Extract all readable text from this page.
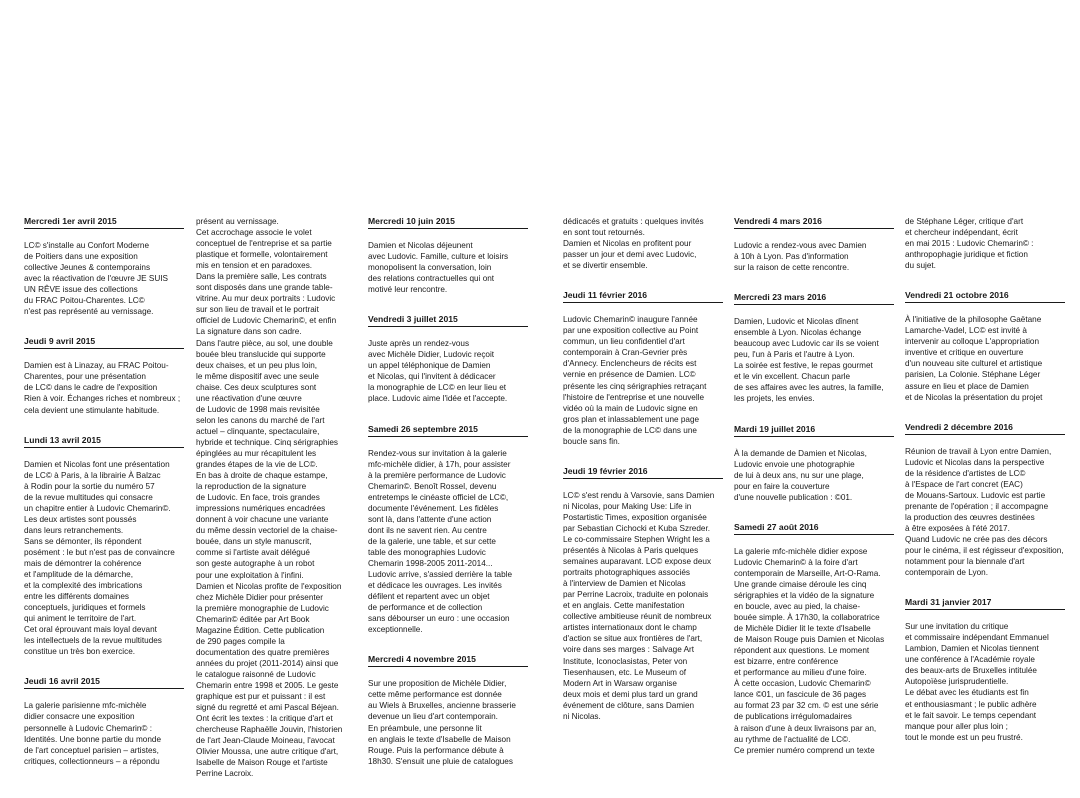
Mercredi 1er avril 2015

LC© s'installe au Confort Moderne

de Poitiers dans une exposition

collective Jeunes & contemporains

avec la réactivation de l'œuvre JE SUIS

UN RÊVE issue des collections

du FRAC Poitou-Charentes. LC©

n'est pas représenté au vernissage.

Jeudi 9 avril 2015

Damien est à Linazay, au FRAC Poitou-

Charentes, pour une présentation

de LC© dans le cadre de l'exposition

Rien à voir. Échanges riches et nombreux ;

cela devient une stimulante habitude.

Lundi 13 avril 2015

Damien et Nicolas font une présentation

de LC© à Paris, à la librairie À Balzac

à Rodin pour la sortie du numéro 57

de la revue multitudes qui consacre

un chapitre entier à Ludovic Chemarin©.

Les deux artistes sont poussés

dans leurs retranchements.

Sans se démonter, ils répondent

posément : le but n'est pas de convaincre

mais de démontrer la cohérence

et l'amplitude de la démarche,

et la complexité des imbrications

entre les différents domaines

conceptuels, juridiques et formels

qui animent le territoire de l'art.

Cet oral éprouvant mais loyal devant

les intellectuels de la revue multitudes

constitue un très bon exercice.

Jeudi 16 avril 2015

La galerie parisienne mfc-michèle

didier consacre une exposition

personnelle à Ludovic Chemarin© :

Identités. Une bonne partie du monde

de l'art conceptuel parisien – artistes,

critiques, collectionneurs – a répondu

présent au vernissage.

Cet accrochage associe le volet

conceptuel de l'entreprise et sa partie

plastique et formelle, volontairement

mis en tension et en paradoxes.

Dans la première salle, Les contrats

sont disposés dans une grande table-

vitrine. Au mur deux portraits : Ludovic

sur son lieu de travail et le portrait

officiel de Ludovic Chemarin©, et enfin

La signature dans son cadre.

Dans l'autre pièce, au sol, une double

bouée bleu translucide qui supporte

deux chaises, et un peu plus loin,

le même dispositif avec une seule

chaise. Ces deux sculptures sont

une réactivation d'une œuvre

de Ludovic de 1998 mais revisitée

selon les canons du marché de l'art

actuel – clinquante, spectaculaire,

hybride et technique. Cinq sérigraphies

épinglées au mur récapitulent les

grandes étapes de la vie de LC©.

En bas à droite de chaque estampe,

la reproduction de la signature

de Ludovic. En face, trois grandes

impressions numériques encadrées

donnent à voir chacune une variante

du même dessin vectoriel de la chaise-

bouée, dans un style manuscrit,

comme si l'artiste avait délégué

son geste autographe à un robot

pour une exploitation à l'infini.

Damien et Nicolas profite de l'exposition

chez Michèle Didier pour présenter

la première monographie de Ludovic

Chemarin© éditée par Art Book

Magazine Édition. Cette publication

de 290 pages compile la

documentation des quatre premières

années du projet (2011-2014) ainsi que

le catalogue raisonné de Ludovic

Chemarin entre 1998 et 2005. Le geste

graphique est pur et puissant : il est

signé du regretté et ami Pascal Béjean.

Ont écrit les textes : la critique d'art et

chercheuse Raphaëlle Jouvin, l'historien

de l'art Jean-Claude Moineau, l'avocat

Olivier Moussa, une autre critique d'art,

Isabelle de Maison Rouge et l'artiste

Perrine Lacroix.

Mercredi 10 juin 2015

Damien et Nicolas déjeunent

avec Ludovic. Famille, culture et loisirs

monopolisent la conversation, loin

des relations contractuelles qui ont

motivé leur rencontre.

Vendredi 3 juillet 2015

Juste après un rendez-vous

avec Michèle Didier, Ludovic reçoit

un appel téléphonique de Damien

et Nicolas, qui l'invitent à dédicacer

la monographie de LC© en leur lieu et

place. Ludovic aime l'idée et l'accepte.

Samedi 26 septembre 2015

Rendez-vous sur invitation à la galerie

mfc-michèle didier, à 17h, pour assister

à la première performance de Ludovic

Chemarin©. Benoît Rossel, devenu

entretemps le cinéaste officiel de LC©,

documente l'événement. Les fidèles

sont là, dans l'attente d'une action

dont ils ne savent rien. Au centre

de la galerie, une table, et sur cette

table des monographies Ludovic

Chemarin 1998-2005 2011-2014...

Ludovic arrive, s'assied derrière la table

et dédicace les ouvrages. Les invités

défilent et repartent avec un objet

de performance et de collection

sans débourser un euro : une occasion

exceptionnelle.

Mercredi 4 novembre 2015

Sur une proposition de Michèle Didier,

cette même performance est donnée

au Wiels à Bruxelles, ancienne brasserie

devenue un lieu d'art contemporain.

En préambule, une personne lit

en anglais le texte d'Isabelle de Maison

Rouge. Puis la performance débute à

18h30. S'ensuit une pluie de catalogues

dédicacés et gratuits : quelques invités

en sont tout retournés.

Damien et Nicolas en profitent pour

passer un jour et demi avec Ludovic,

et se divertir ensemble.

Jeudi 11 février 2016

Ludovic Chemarin© inaugure l'année

par une exposition collective au Point

commun, un lieu confidentiel d'art

contemporain à Cran-Gevrier près

d'Annecy. Enclencheurs de récits est

vernie en présence de Damien. LC©

présente les cinq sérigraphies retraçant

l'histoire de l'entreprise et une nouvelle

vidéo où la main de Ludovic signe en

gros plan et inlassablement une page

de la monographie de LC© dans une

boucle sans fin.

Jeudi 19 février 2016

LC© s'est rendu à Varsovie, sans Damien

ni Nicolas, pour Making Use: Life in

Postartistic Times, exposition organisée

par Sebastian Cichocki et Kuba Szreder.

Le co-commissaire Stephen Wright les a

présentés à Nicolas à Paris quelques

semaines auparavant. LC© expose deux

portraits photographiques associés

à l'interview de Damien et Nicolas

par Perrine Lacroix, traduite en polonais

et en anglais. Cette manifestation

collective ambitieuse réunit de nombreux

artistes internationaux dont le champ

d'action se situe aux frontières de l'art,

voire dans ses marges : Salvage Art

Institute, Iconoclasistas, Peter von

Tiesenhausen, etc. Le Museum of

Modern Art in Warsaw organise

deux mois et demi plus tard un grand

événement de clôture, sans Damien

ni Nicolas.

Vendredi 4 mars 2016

Ludovic a rendez-vous avec Damien

à 10h à Lyon. Pas d'information

sur la raison de cette rencontre.

Mercredi 23 mars 2016

Damien, Ludovic et Nicolas dînent

ensemble à Lyon. Nicolas échange

beaucoup avec Ludovic car ils se voient

peu, l'un à Paris et l'autre à Lyon.

La soirée est festive, le repas gourmet

et le vin excellent. Chacun parle

de ses affaires avec les autres, la famille,

les projets, les envies.

Mardi 19 juillet 2016

À la demande de Damien et Nicolas,

Ludovic envoie une photographie

de lui à deux ans, nu sur une plage,

pour en faire la couverture

d'une nouvelle publication : ©01.

Samedi 27 août 2016

La galerie mfc-michèle didier expose

Ludovic Chemarin© à la foire d'art

contemporain de Marseille, Art-O-Rama.

Une grande cimaise déroule les cinq

sérigraphies et la vidéo de la signature

en boucle, avec au pied, la chaise-

bouée simple. À 17h30, la collaboratrice

de Michèle Didier lit le texte d'Isabelle

de Maison Rouge puis Damien et Nicolas

répondent aux questions. Le moment

est bizarre, entre conférence

et performance au milieu d'une foire.

À cette occasion, Ludovic Chemarin©

lance ©01, un fascicule de 36 pages

au format 23 par 32 cm. © est une série

de publications irrégulomadaires

à raison d'une à deux livraisons par an,

au rythme de l'actualité de LC©.

Ce premier numéro comprend un texte

de Stéphane Léger, critique d'art

et chercheur indépendant, écrit

en mai 2015 : Ludovic Chemarin© :

anthropophagie juridique et fiction

du sujet.

Vendredi 21 octobre 2016

À l'initiative de la philosophe Gaëtane

Lamarche-Vadel, LC© est invité à

intervenir au colloque L'appropriation

inventive et critique en ouverture

d'un nouveau site culturel et artistique

parisien, La Colonie. Stéphane Léger

assure en lieu et place de Damien

et de Nicolas la présentation du projet

Vendredi 2 décembre 2016

Réunion de travail à Lyon entre Damien,

Ludovic et Nicolas dans la perspective

de la résidence d'artistes de LC©

à l'Espace de l'art concret (EAC)

de Mouans-Sartoux. Ludovic est partie

prenante de l'opération ; il accompagne

la production des œuvres destinées

à être exposées à l'été 2017.

Quand Ludovic ne crée pas des décors

pour le cinéma, il est régisseur d'exposition,

notamment pour la biennale d'art

contemporain de Lyon.

Mardi 31 janvier 2017

Sur une invitation du critique

et commissaire indépendant Emmanuel

Lambion, Damien et Nicolas tiennent

une conférence à l'Académie royale

des beaux-arts de Bruxelles intitulée

Autopoïèse jurisprudentielle.

Le débat avec les étudiants est fin

et enthousiasmant ; le public adhère

et le fait savoir. Le temps cependant

manque pour aller plus loin ;

tout le monde est un peu frustré.
